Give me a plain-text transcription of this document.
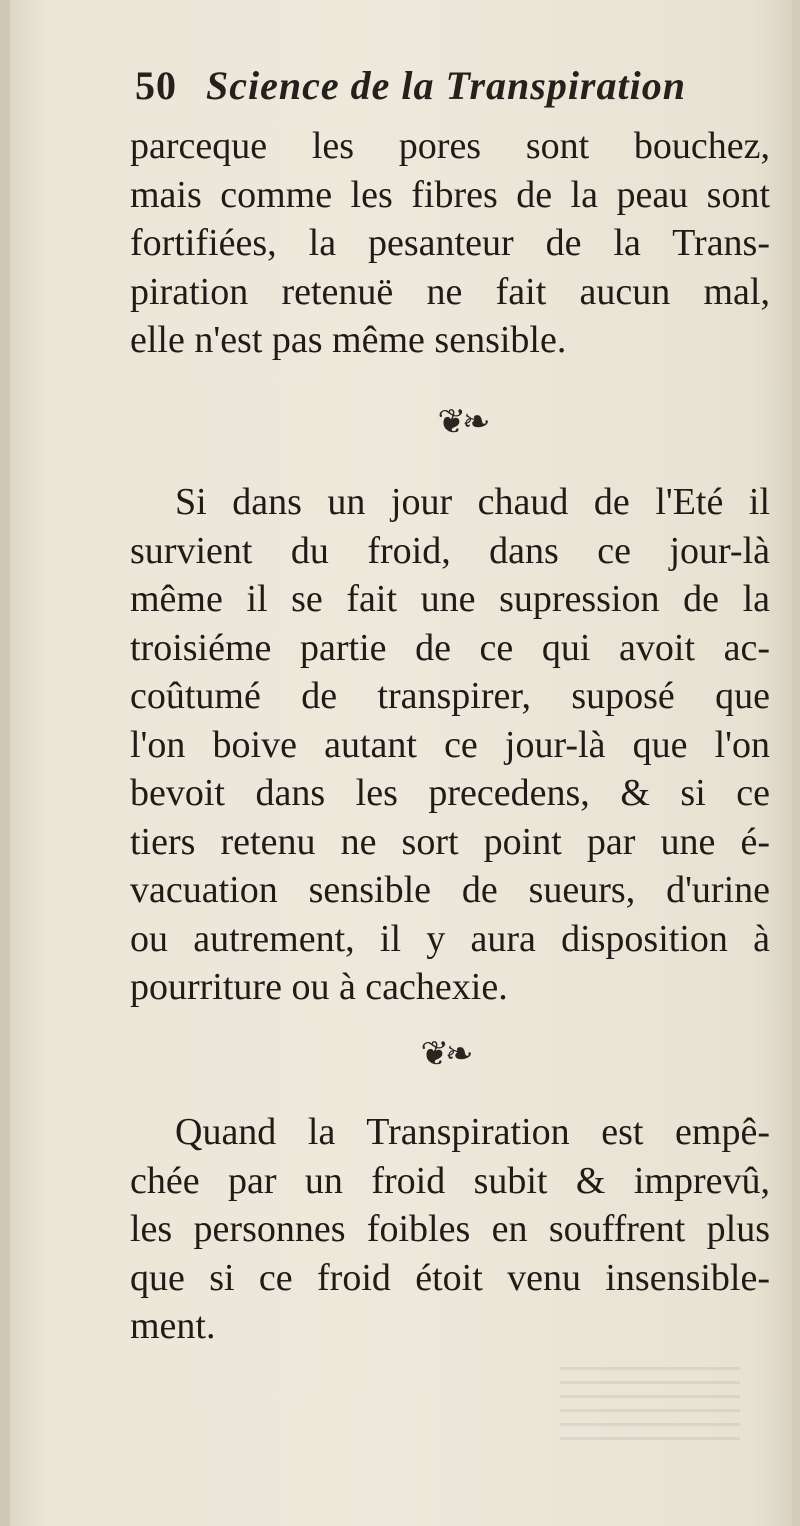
50 Science de la Transpiration
parceque les pores sont bouchez,
mais comme les fibres de la peau sont
fortifiées, la pesanteur de la Trans-
piration retenuë ne fait aucun mal,
elle n'est pas même sensible.
❦❧
Si dans un jour chaud de l'Eté il
survient du froid, dans ce jour-là
même il se fait une supression de la
troisiéme partie de ce qui avoit ac-
coûtumé de transpirer, suposé que
l'on boive autant ce jour-là que l'on
bevoit dans les precedens, & si ce
tiers retenu ne sort point par une é-
vacuation sensible de sueurs, d'urine
ou autrement, il y aura disposition à
pourriture ou à cachexie.
❦❧
Quand la Transpiration est empê-
chée par un froid subit & imprevû,
les personnes foibles en souffrent plus
que si ce froid étoit venu insensible-
ment.
